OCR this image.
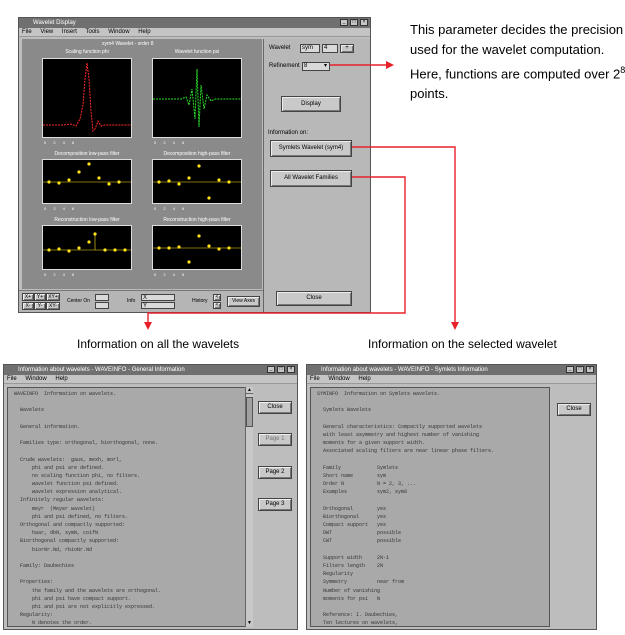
Wavelet Display	_	□	×
File View Insert Tools Window Help
sym4 Wavelet - order 8
Scaling function phi
0 2 4 6
Wavelet function psi
0 2 4 6
Decomposition low-pass filter
0 2 4 6
Decomposition high-pass filter
0 2 4 6
Reconstruction low-pass filter
0 2 4 6
Reconstruction high-pass filter
0 2 4 6
Wavelet	sym	4	+
Refinement 8	▾
Display
Information on:
Symlets Wavelet (sym4)
All Wavelet Families
Close
X+	Y+	XY+
X-	Y-	XY-
Center On	Info	X
Y
History
<
<
View Axes
This parameter decides the precision
used for the wavelet computation.
Here, functions are computed over $2^8$
points.
Information on all the wavelets	Information on the selected wavelet
Information about wavelets - WAVEINFO - General Information	_	□	×
File Window Help
WAVEINFO  Information on wavelets.
Wavelets
General information.
Families type: orthogonal, biorthogonal, none.
Crude wavelets:  gaus, mexh, morl,
phi and psi are defined.
no scaling function phi, no filters.
wavelet function psi defined.
wavelet expression analytical.
Infinitely regular wavelets:
meyr  (Meyer wavelet)
phi and psi defined, no filters.
Orthogonal and compactly supported:
haar, dbN, symN, coifN
Biorthogonal compactly supported:
biorNr.Nd, rbioNr.Nd
Family: Daubechies
Properties:
the family and the wavelets are orthogonal.
phi and psi have compact support.
phi and psi are not explicitly expressed.
Regularity:
N denotes the order.
▲
▼
Close
Page 1
Page 2
Page 3
Information about wavelets - WAVEINFO - Symlets Information	_	□	×
File Window Help
SYMINFO  Information on Symlets wavelets.
Symlets Wavelets
General characteristics: Compactly supported wavelets
with least asymmetry and highest number of vanishing
moments for a given support width.
Associated scaling filters are near linear phase filters.
Family            Symlets
Short name        sym
Order N           N = 2, 3, ...
Examples          sym2, sym8
Orthogonal        yes
Biorthogonal      yes
Compact support   yes
DWT               possible
CWT               possible
Support width     2N-1
Filters length    2N
Regularity
Symmetry          near from
Number of vanishing
moments for psi   N
Reference: I. Daubechies,
Ten lectures on wavelets,
Close
